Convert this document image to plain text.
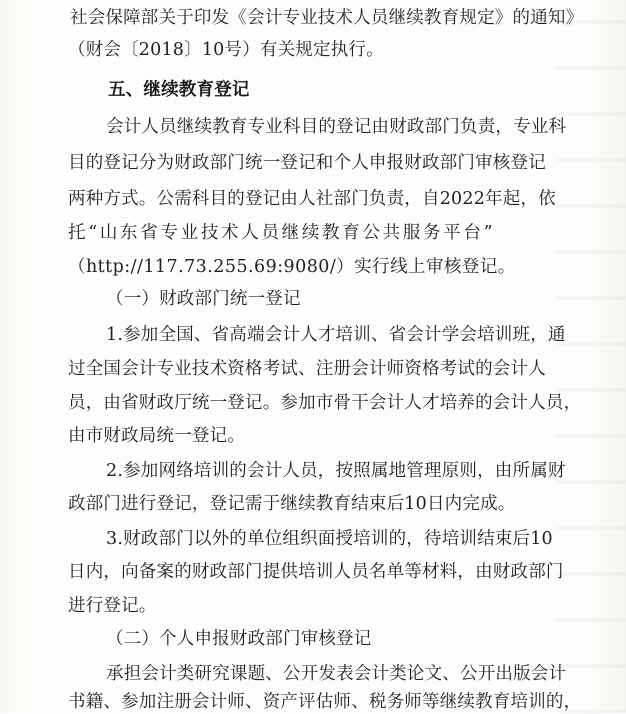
社会保障部关于印发《会计专业技术人员继续教育规定》的通知》
（财会〔2018〕10号）有关规定执行。
五、继续教育登记
会计人员继续教育专业科目的登记由财政部门负责，专业科
目的登记分为财政部门统一登记和个人申报财政部门审核登记
两种方式。公需科目的登记由人社部门负责，自2022年起，依
托“山东省专业技术人员继续教育公共服务平台”
（http://117.73.255.69:9080/）实行线上审核登记。
（一）财政部门统一登记
1.参加全国、省高端会计人才培训、省会计学会培训班，通
过全国会计专业技术资格考试、注册会计师资格考试的会计人
员，由省财政厅统一登记。参加市骨干会计人才培养的会计人员，
由市财政局统一登记。
2.参加网络培训的会计人员，按照属地管理原则，由所属财
政部门进行登记，登记需于继续教育结束后10日内完成。
3.财政部门以外的单位组织面授培训的，待培训结束后10
日内，向备案的财政部门提供培训人员名单等材料，由财政部门
进行登记。
（二）个人申报财政部门审核登记
承担会计类研究课题、公开发表会计类论文、公开出版会计
书籍、参加注册会计师、资产评估师、税务师等继续教育培训的，
